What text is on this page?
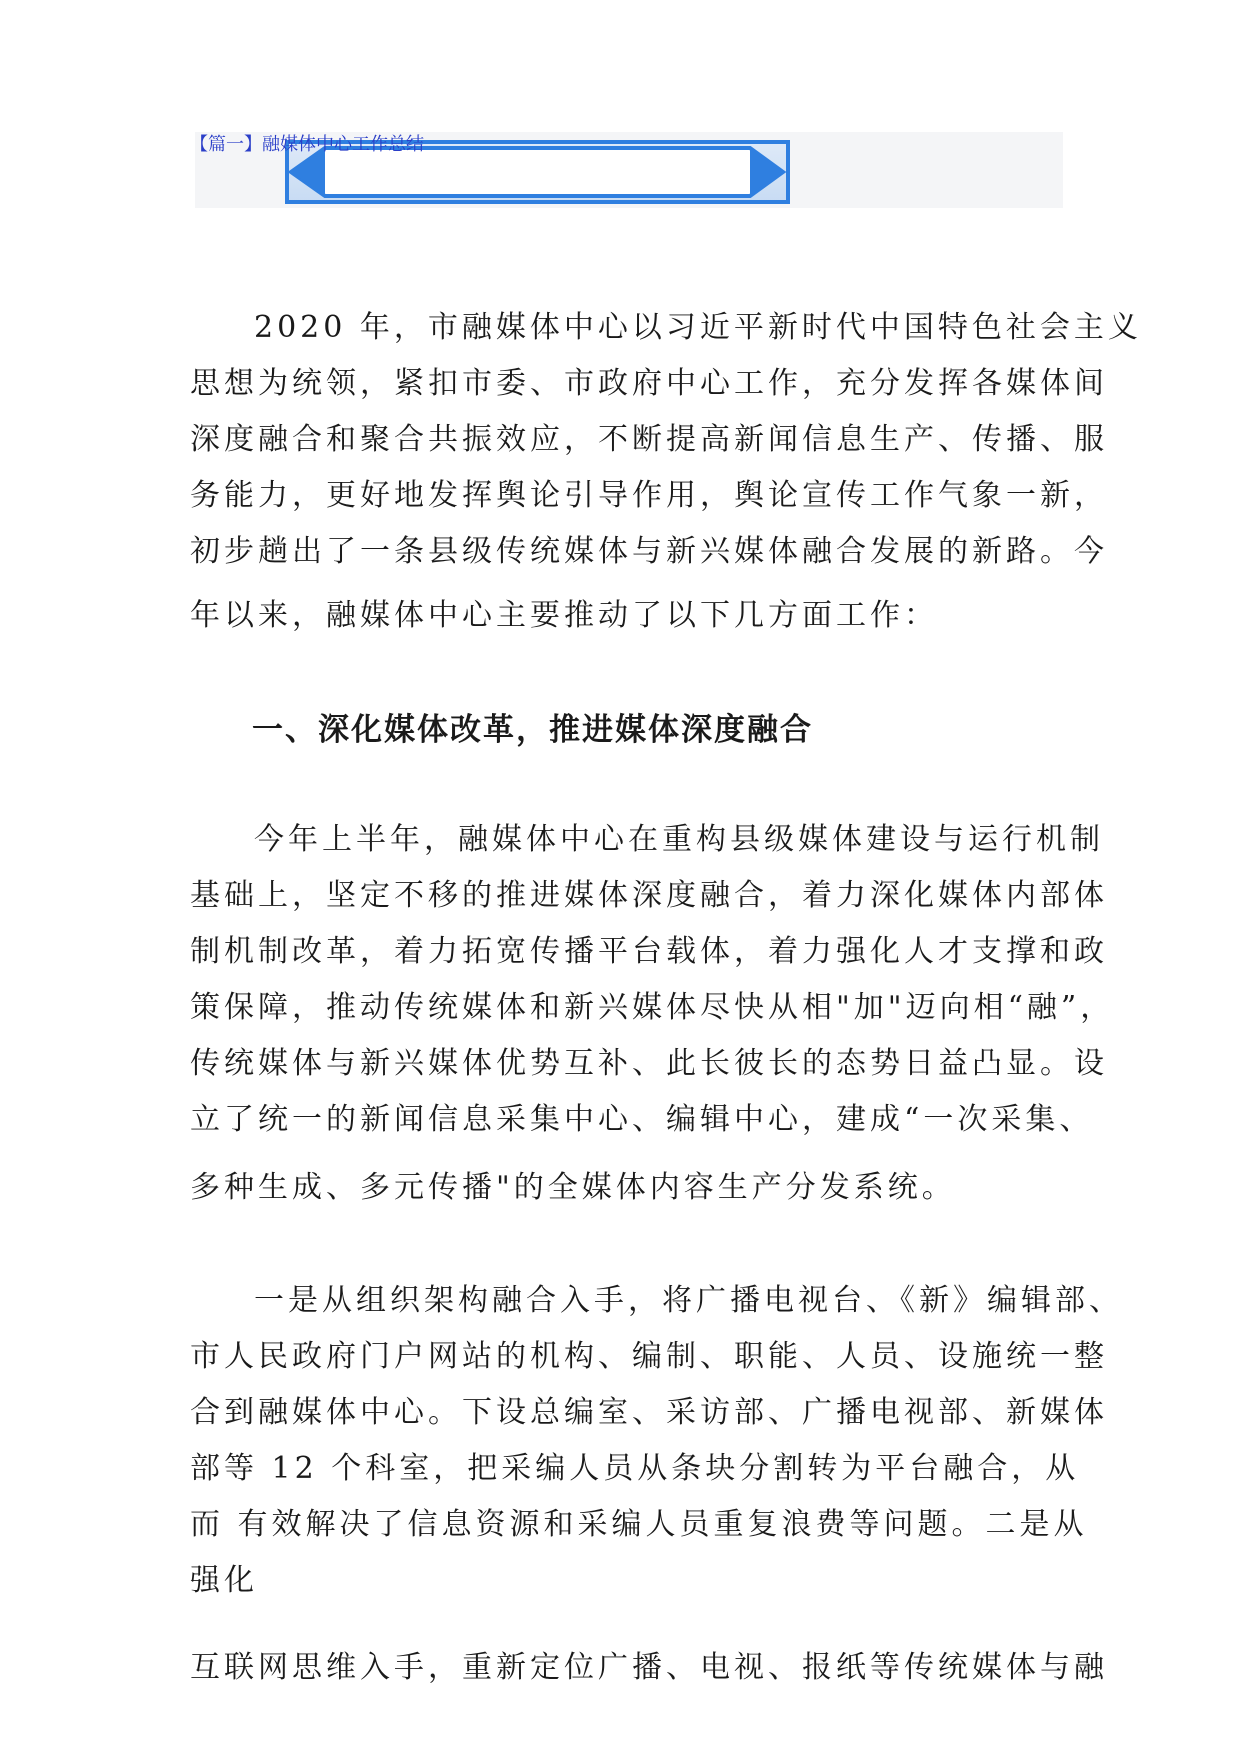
【篇一】融媒体中心工作总结
2020 年，市融媒体中心以习近平新时代中国特色社会主义
思想为统领，紧扣市委、市政府中心工作，充分发挥各媒体间
深度融合和聚合共振效应，不断提高新闻信息生产、传播、服
务能力，更好地发挥舆论引导作用，舆论宣传工作气象一新，
初步趟出了一条县级传统媒体与新兴媒体融合发展的新路。今
年以来，融媒体中心主要推动了以下几方面工作：
一、深化媒体改革，推进媒体深度融合
今年上半年，融媒体中心在重构县级媒体建设与运行机制
基础上，坚定不移的推进媒体深度融合，着力深化媒体内部体
制机制改革，着力拓宽传播平台载体，着力强化人才支撑和政
策保障，推动传统媒体和新兴媒体尽快从相"加"迈向相“融”，
传统媒体与新兴媒体优势互补、此长彼长的态势日益凸显。设
立了统一的新闻信息采集中心、编辑中心，建成“一次采集、
多种生成、多元传播"的全媒体内容生产分发系统。
一是从组织架构融合入手，将广播电视台、《新》编辑部、
市人民政府门户网站的机构、编制、职能、人员、设施统一整
合到融媒体中心。下设总编室、采访部、广播电视部、新媒体
部等 12 个科室，把采编人员从条块分割转为平台融合，从
而 有效解决了信息资源和采编人员重复浪费等问题。二是从
强化
互联网思维入手，重新定位广播、电视、报纸等传统媒体与融
